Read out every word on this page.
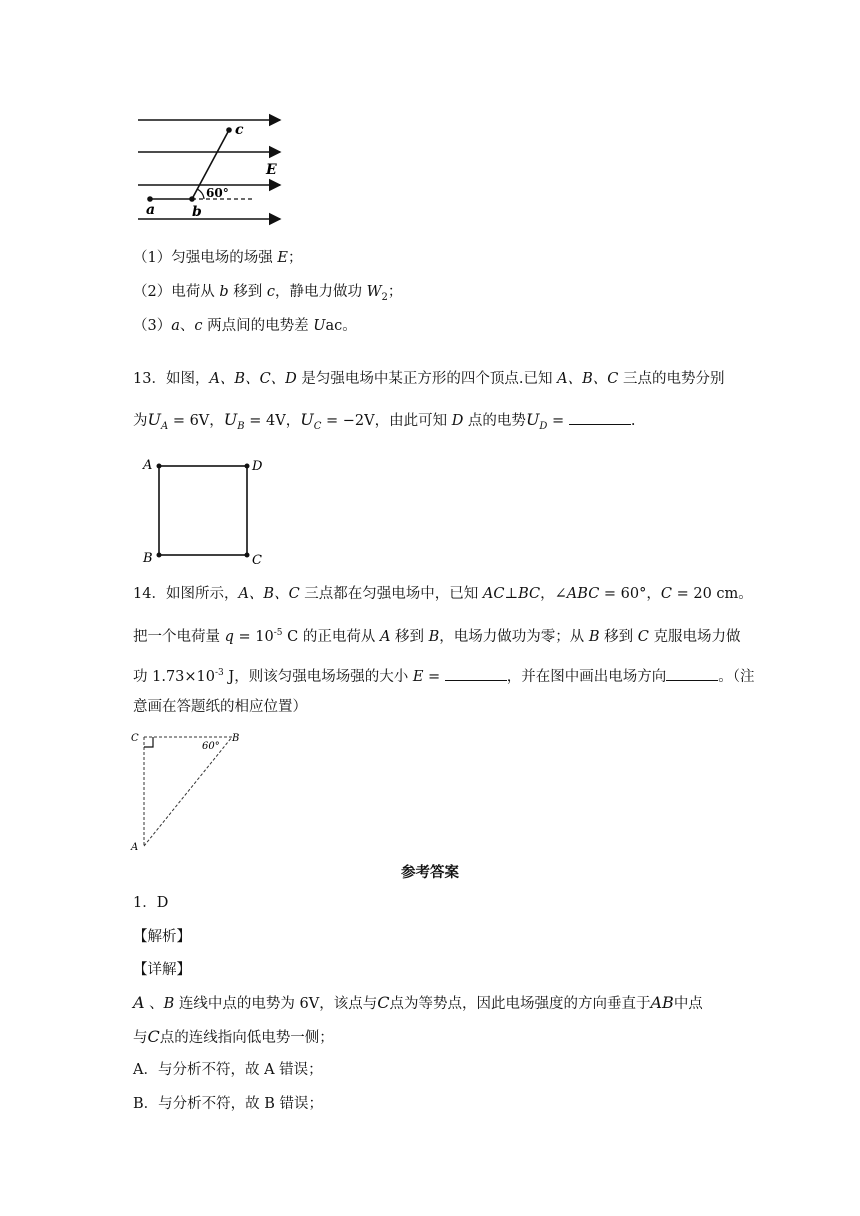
c
E
60°
a	b
（1）匀强电场的场强 E；
（2）电荷从 b 移到 c，静电力做功 $W_2$；
（3）a、c 两点间的电势差 Uac。
13．如图，A、B、C、D 是匀强电场中某正方形的四个顶点.已知 A、B、C 三点的电势分别
为$U_A = 6V$，$U_B = 4V$，$U_C = -2V$，由此可知 D 点的电势$U_D$ =	.
A	D
B	C
14．如图所示，A、B、C 三点都在匀强电场中，已知 AC⊥BC，∠ABC = 60°，C = 20 cm。
把一个电荷量 $q = 10^{-5}$ C 的正电荷从 A 移到 B，电场力做功为零；从 B 移到 C 克服电场力做
功 $1.73\times 10^{-3}$ J，则该匀强电场场强的大小 E =	，并在图中画出电场方向	。（注
意画在答题纸的相应位置）
C	B
A
60°
参考答案
1．D
【解析】
【详解】
A 、B 连线中点的电势为 6V，该点与C点为等势点，因此电场强度的方向垂直于AB中点
与C点的连线指向低电势一侧；
A．与分析不符，故 A 错误；
B．与分析不符，故 B 错误；
